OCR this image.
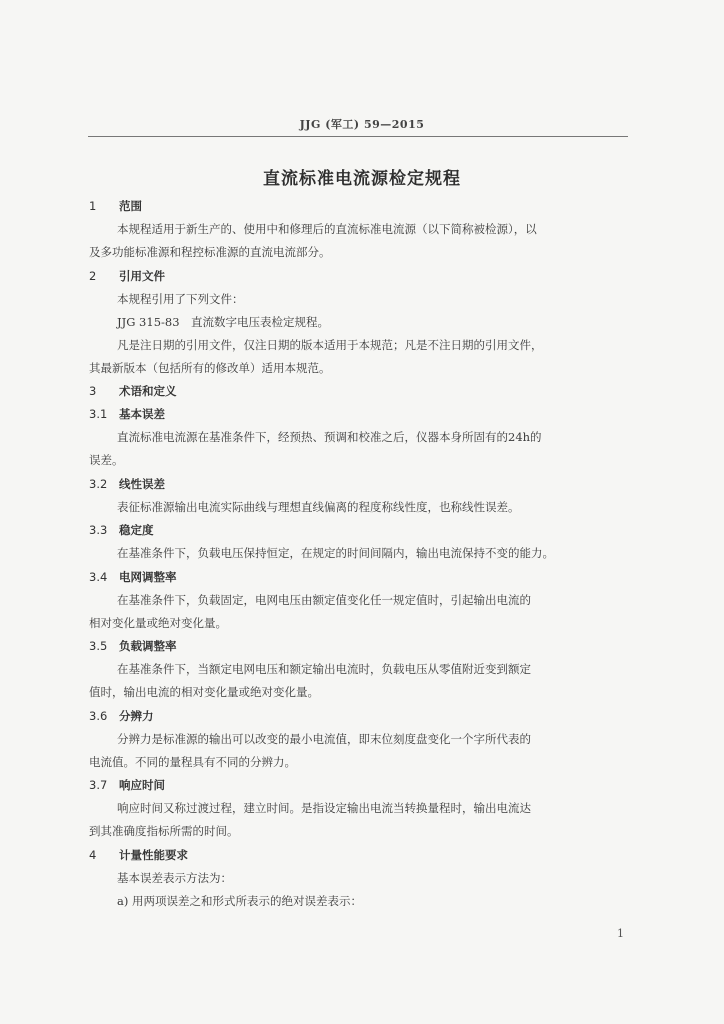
JJG (军工) 59—2015
直流标准电流源检定规程
1 范围
本规程适用于新生产的、使用中和修理后的直流标准电流源（以下简称被检源），以
及多功能标准源和程控标准源的直流电流部分。
2 引用文件
本规程引用了下列文件：
JJG 315-83　直流数字电压表检定规程。
凡是注日期的引用文件，仅注日期的版本适用于本规范；凡是不注日期的引用文件，
其最新版本（包括所有的修改单）适用本规范。
3 术语和定义
3.1 基本误差
直流标准电流源在基准条件下，经预热、预调和校准之后，仪器本身所固有的24h的
误差。
3.2 线性误差
表征标准源输出电流实际曲线与理想直线偏离的程度称线性度，也称线性误差。
3.3 稳定度
在基准条件下，负载电压保持恒定，在规定的时间间隔内，输出电流保持不变的能力。
3.4 电网调整率
在基准条件下，负载固定，电网电压由额定值变化任一规定值时，引起输出电流的
相对变化量或绝对变化量。
3.5 负载调整率
在基准条件下，当额定电网电压和额定输出电流时，负载电压从零值附近变到额定
值时，输出电流的相对变化量或绝对变化量。
3.6 分辨力
分辨力是标准源的输出可以改变的最小电流值，即末位刻度盘变化一个字所代表的
电流值。不同的量程具有不同的分辨力。
3.7 响应时间
响应时间又称过渡过程，建立时间。是指设定输出电流当转换量程时，输出电流达
到其准确度指标所需的时间。
4 计量性能要求
基本误差表示方法为：
a) 用两项误差之和形式所表示的绝对误差表示：
1
